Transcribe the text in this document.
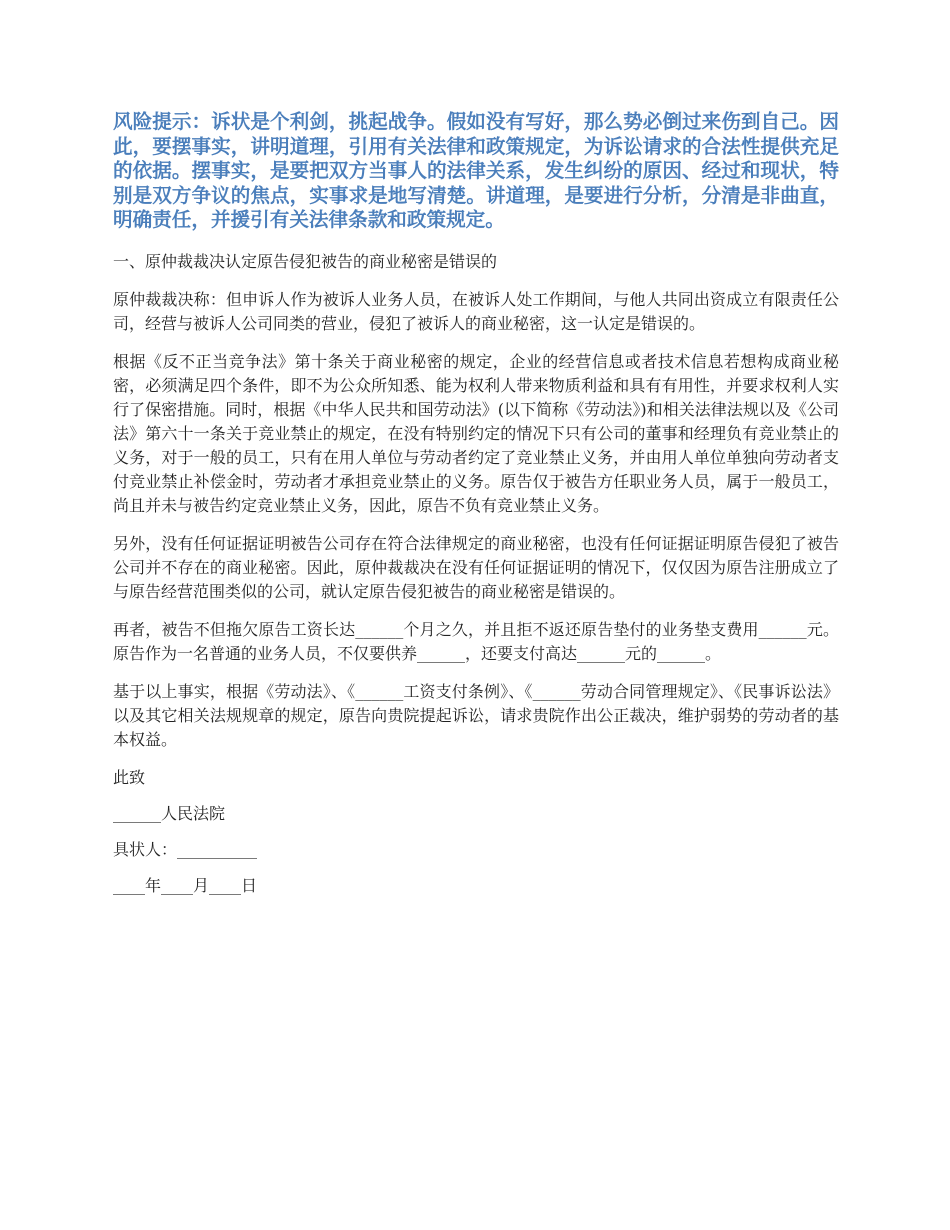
风险提示：诉状是个利剑，挑起战争。假如没有写好，那么势必倒过来伤到自己。因此，要摆事实，讲明道理，引用有关法律和政策规定，为诉讼请求的合法性提供充足的依据。摆事实，是要把双方当事人的法律关系，发生纠纷的原因、经过和现状，特别是双方争议的焦点，实事求是地写清楚。讲道理，是要进行分析，分清是非曲直，明确责任，并援引有关法律条款和政策规定。

一、原仲裁裁决认定原告侵犯被告的商业秘密是错误的

原仲裁裁决称：但申诉人作为被诉人业务人员，在被诉人处工作期间，与他人共同出资成立有限责任公司，经营与被诉人公司同类的营业，侵犯了被诉人的商业秘密，这一认定是错误的。

根据《反不正当竞争法》第十条关于商业秘密的规定，企业的经营信息或者技术信息若想构成商业秘密，必须满足四个条件，即不为公众所知悉、能为权利人带来物质利益和具有有用性，并要求权利人实行了保密措施。同时，根据《中华人民共和国劳动法》(以下简称《劳动法》)和相关法律法规以及《公司法》第六十一条关于竞业禁止的规定，在没有特别约定的情况下只有公司的董事和经理负有竞业禁止的义务，对于一般的员工，只有在用人单位与劳动者约定了竞业禁止义务，并由用人单位单独向劳动者支付竞业禁止补偿金时，劳动者才承担竞业禁止的义务。原告仅于被告方任职业务人员，属于一般员工，尚且并未与被告约定竞业禁止义务，因此，原告不负有竞业禁止义务。

另外，没有任何证据证明被告公司存在符合法律规定的商业秘密，也没有任何证据证明原告侵犯了被告公司并不存在的商业秘密。因此，原仲裁裁决在没有任何证据证明的情况下，仅仅因为原告注册成立了与原告经营范围类似的公司，就认定原告侵犯被告的商业秘密是错误的。

再者，被告不但拖欠原告工资长达______个月之久，并且拒不返还原告垫付的业务垫支费用______元。原告作为一名普通的业务人员，不仅要供养______，还要支付高达______元的______。

基于以上事实，根据《劳动法》、《______工资支付条例》、《______劳动合同管理规定》、《民事诉讼法》以及其它相关法规规章的规定，原告向贵院提起诉讼，请求贵院作出公正裁决，维护弱势的劳动者的基本权益。

此致

______人民法院

具状人：__________

____年____月____日
